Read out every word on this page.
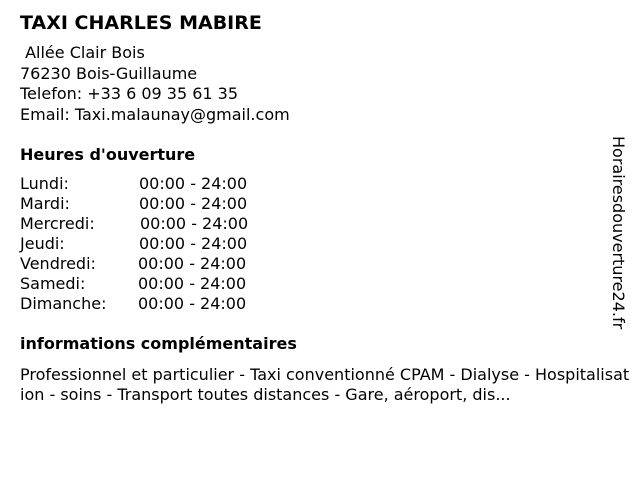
TAXI CHARLES MABIRE
Allée Clair Bois
76230 Bois-Guillaume
Telefon: +33 6 09 35 61 35
Email: Taxi.malaunay@gmail.com
Heures d'ouverture
Lundi:	00:00 - 24:00
Mardi:	00:00 - 24:00
Mercredi:	00:00 - 24:00
Jeudi:	00:00 - 24:00
Vendredi:	00:00 - 24:00
Samedi:	00:00 - 24:00
Dimanche: 00:00 - 24:00
informations complémentaires
Professionnel et particulier - Taxi conventionné CPAM - Dialyse - Hospitalisation - soins - Transport toutes distances - Gare, aéroport, dis...
Horairesdouverture24.fr
